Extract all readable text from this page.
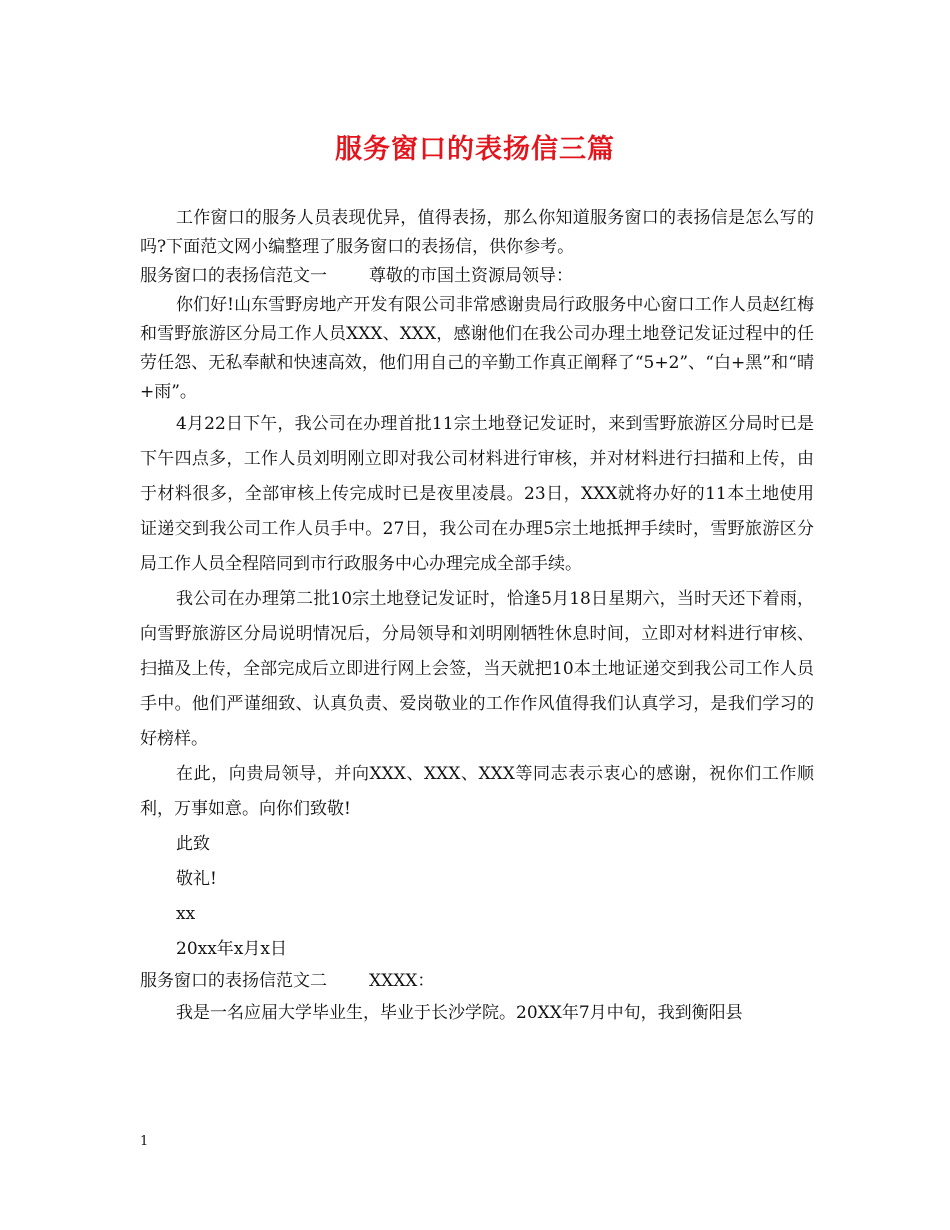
服务窗口的表扬信三篇

工作窗口的服务人员表现优异，值得表扬，那么你知道服务窗口的表扬信是怎么写的吗?下面范文网小编整理了服务窗口的表扬信，供你参考。

服务窗口的表扬信范文一 尊敬的市国土资源局领导：

你们好!山东雪野房地产开发有限公司非常感谢贵局行政服务中心窗口工作人员赵红梅和雪野旅游区分局工作人员XXX、XXX，感谢他们在我公司办理土地登记发证过程中的任劳任怨、无私奉献和快速高效，他们用自己的辛勤工作真正阐释了“5+2”、“白+黑”和“晴+雨”。

4月22日下午，我公司在办理首批11宗土地登记发证时，来到雪野旅游区分局时已是下午四点多，工作人员刘明刚立即对我公司材料进行审核，并对材料进行扫描和上传，由于材料很多，全部审核上传完成时已是夜里凌晨。23日，XXX就将办好的11本土地使用证递交到我公司工作人员手中。27日，我公司在办理5宗土地抵押手续时，雪野旅游区分局工作人员全程陪同到市行政服务中心办理完成全部手续。

我公司在办理第二批10宗土地登记发证时，恰逢5月18日星期六，当时天还下着雨，向雪野旅游区分局说明情况后，分局领导和刘明刚牺牲休息时间，立即对材料进行审核、扫描及上传，全部完成后立即进行网上会签，当天就把10本土地证递交到我公司工作人员手中。他们严谨细致、认真负责、爱岗敬业的工作作风值得我们认真学习，是我们学习的好榜样。

在此，向贵局领导，并向XXX、XXX、XXX等同志表示衷心的感谢，祝你们工作顺利，万事如意。向你们致敬!

此致

敬礼!

xx

20xx年x月x日

服务窗口的表扬信范文二 XXXX：

我是一名应届大学毕业生，毕业于长沙学院。20XX年7月中旬，我到衡阳县

1
